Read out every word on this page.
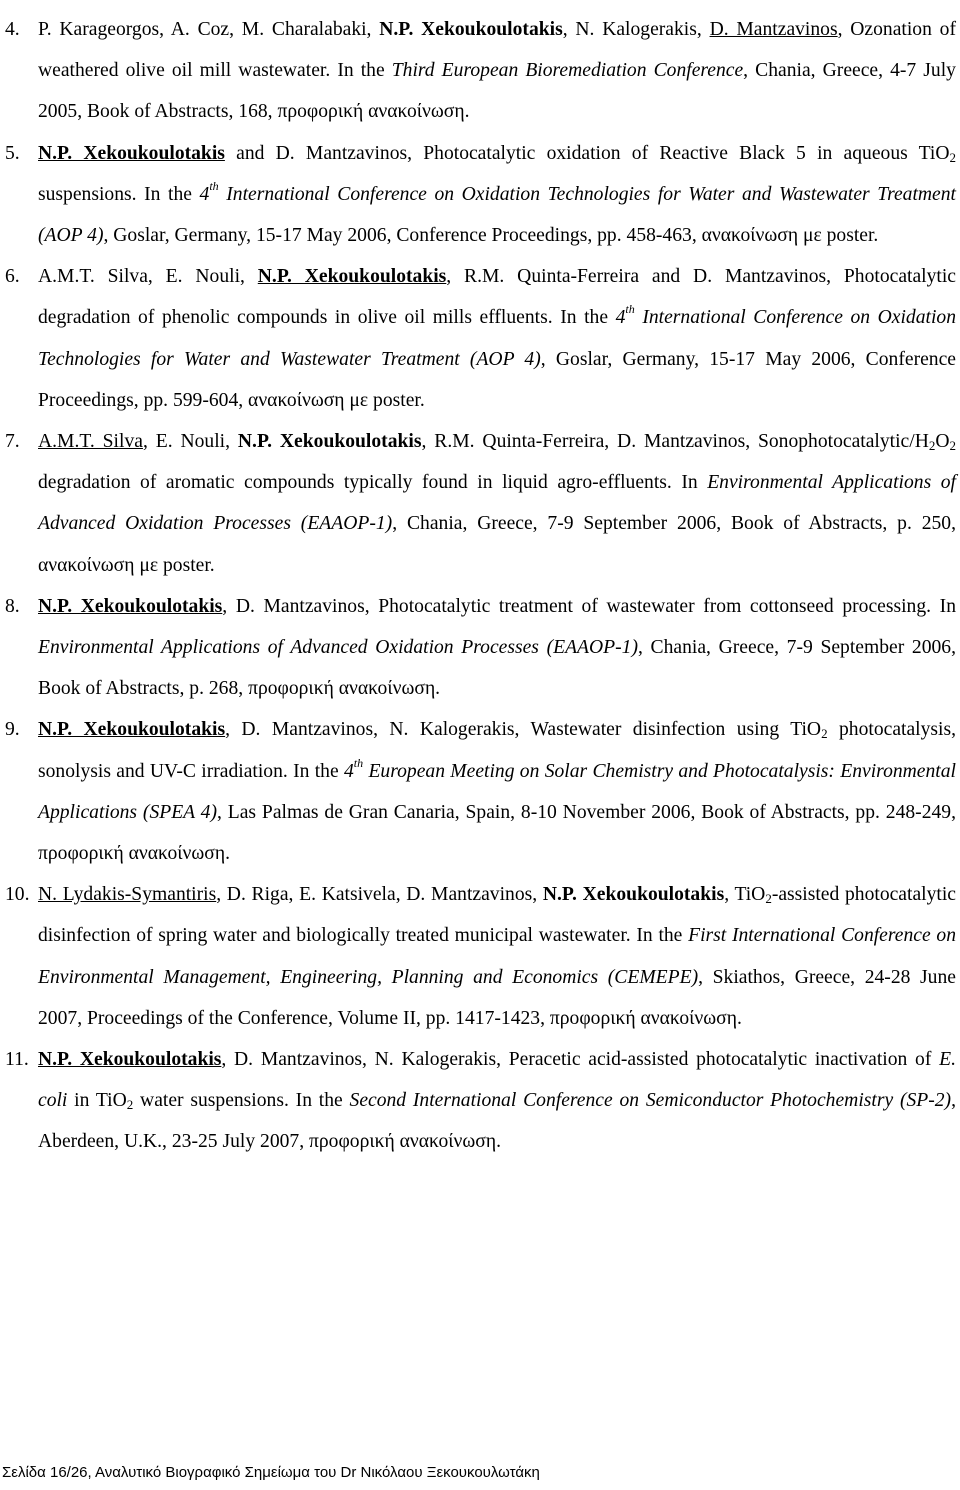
4. P. Karageorgos, A. Coz, M. Charalabaki, N.P. Xekoukoulotakis, N. Kalogerakis, D. Mantzavinos, Ozonation of weathered olive oil mill wastewater. In the Third European Bioremediation Conference, Chania, Greece, 4-7 July 2005, Book of Abstracts, 168, προφορική ανακοίνωση.
5. N.P. Xekoukoulotakis and D. Mantzavinos, Photocatalytic oxidation of Reactive Black 5 in aqueous TiO$_2$ suspensions. In the 4th International Conference on Oxidation Technologies for Water and Wastewater Treatment (AOP 4), Goslar, Germany, 15-17 May 2006, Conference Proceedings, pp. 458-463, ανακοίνωση με poster.
6. A.M.T. Silva, E. Nouli, N.P. Xekoukoulotakis, R.M. Quinta-Ferreira and D. Mantzavinos, Photocatalytic degradation of phenolic compounds in olive oil mills effluents. In the 4th International Conference on Oxidation Technologies for Water and Wastewater Treatment (AOP 4), Goslar, Germany, 15-17 May 2006, Conference Proceedings, pp. 599-604, ανακοίνωση με poster.
7. A.M.T. Silva, E. Nouli, N.P. Xekoukoulotakis, R.M. Quinta-Ferreira, D. Mantzavinos, Sonophotocatalytic/$H_2O_2$ degradation of aromatic compounds typically found in liquid agro-effluents. In Environmental Applications of Advanced Oxidation Processes (EAAOP-1), Chania, Greece, 7-9 September 2006, Book of Abstracts, p. 250, ανακοίνωση με poster.
8. N.P. Xekoukoulotakis, D. Mantzavinos, Photocatalytic treatment of wastewater from cottonseed processing. In Environmental Applications of Advanced Oxidation Processes (EAAOP-1), Chania, Greece, 7-9 September 2006, Book of Abstracts, p. 268, προφορική ανακοίνωση.
9. N.P. Xekoukoulotakis, D. Mantzavinos, N. Kalogerakis, Wastewater disinfection using TiO$_2$ photocatalysis, sonolysis and UV-C irradiation. In the 4th European Meeting on Solar Chemistry and Photocatalysis: Environmental Applications (SPEA 4), Las Palmas de Gran Canaria, Spain, 8-10 November 2006, Book of Abstracts, pp. 248-249, προφορική ανακοίνωση.
10. N. Lydakis-Symantiris, D. Riga, E. Katsivela, D. Mantzavinos, N.P. Xekoukoulotakis, TiO$_2$-assisted photocatalytic disinfection of spring water and biologically treated municipal wastewater. In the First International Conference on Environmental Management, Engineering, Planning and Economics (CEMEPE), Skiathos, Greece, 24-28 June 2007, Proceedings of the Conference, Volume II, pp. 1417-1423, προφορική ανακοίνωση.
11. N.P. Xekoukoulotakis, D. Mantzavinos, N. Kalogerakis, Peracetic acid-assisted photocatalytic inactivation of E. coli in TiO$_2$ water suspensions. In the Second International Conference on Semiconductor Photochemistry (SP-2), Aberdeen, U.K., 23-25 July 2007, προφορική ανακοίνωση.
Σελίδα 16/26, Αναλυτικό Βιογραφικό Σημείωμα του Dr Νικόλαου Ξεκουκουλωτάκη
